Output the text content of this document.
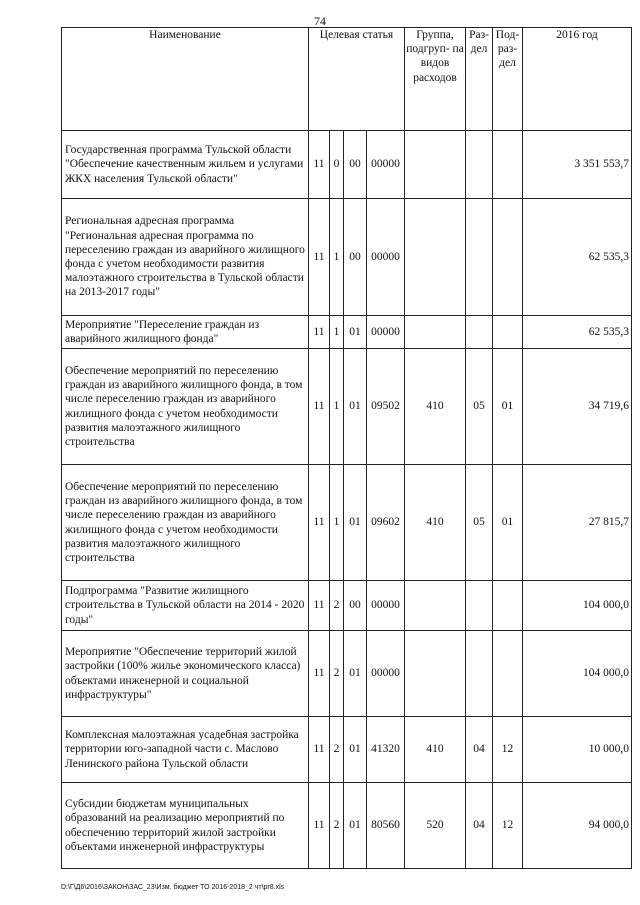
74
Наименование	Целевая статья				Группа, подгруп- па видов расходов	Раз- дел	Под- раз- дел	2016 год
Государственная программа Тульской области "Обеспечение качественным жильем и услугами ЖКХ населения Тульской области"	11	0	00	00000				3 351 553,7
Региональная адресная программа "Региональная адресная программа по переселению граждан из аварийного жилищного фонда с учетом необходимости развития малоэтажного строительства в Тульской области на 2013-2017 годы"	11	1	00	00000				62 535,3
Мероприятие "Переселение граждан из аварийного жилищного фонда"	11	1	01	00000				62 535,3
Обеспечение мероприятий по переселению граждан из аварийного жилищного фонда, в том числе переселению граждан из аварийного жилищного фонда с учетом необходимости развития малоэтажного жилищного строительства	11	1	01	09502	410	05	01	34 719,6
Обеспечение мероприятий по переселению граждан из аварийного жилищного фонда, в том числе переселению граждан из аварийного жилищного фонда с учетом необходимости развития малоэтажного жилищного строительства	11	1	01	09602	410	05	01	27 815,7
Подпрограмма "Развитие жилищного строительства в Тульской области на 2014 - 2020 годы"	11	2	00	00000				104 000,0
Мероприятие "Обеспечение территорий жилой застройки (100% жилье экономического класса) объектами инженерной и социальной инфраструктуры"	11	2	01	00000				104 000,0
Комплексная малоэтажная усадебная застройка территории юго-западной части с. Маслово Ленинского района Тульской области	11	2	01	41320	410	04	12	10 000,0
Субсидии бюджетам муниципальных образований на реализацию мероприятий по обеспечению территорий жилой застройки объектами инженерной инфраструктуры	11	2	01	80560	520	04	12	94 000,0
D:\Г\Д6\2016\ЗАКОН\ЗАС_23\Изм. бюджет ТО 2016-2018_2 чт\pr8.xls
